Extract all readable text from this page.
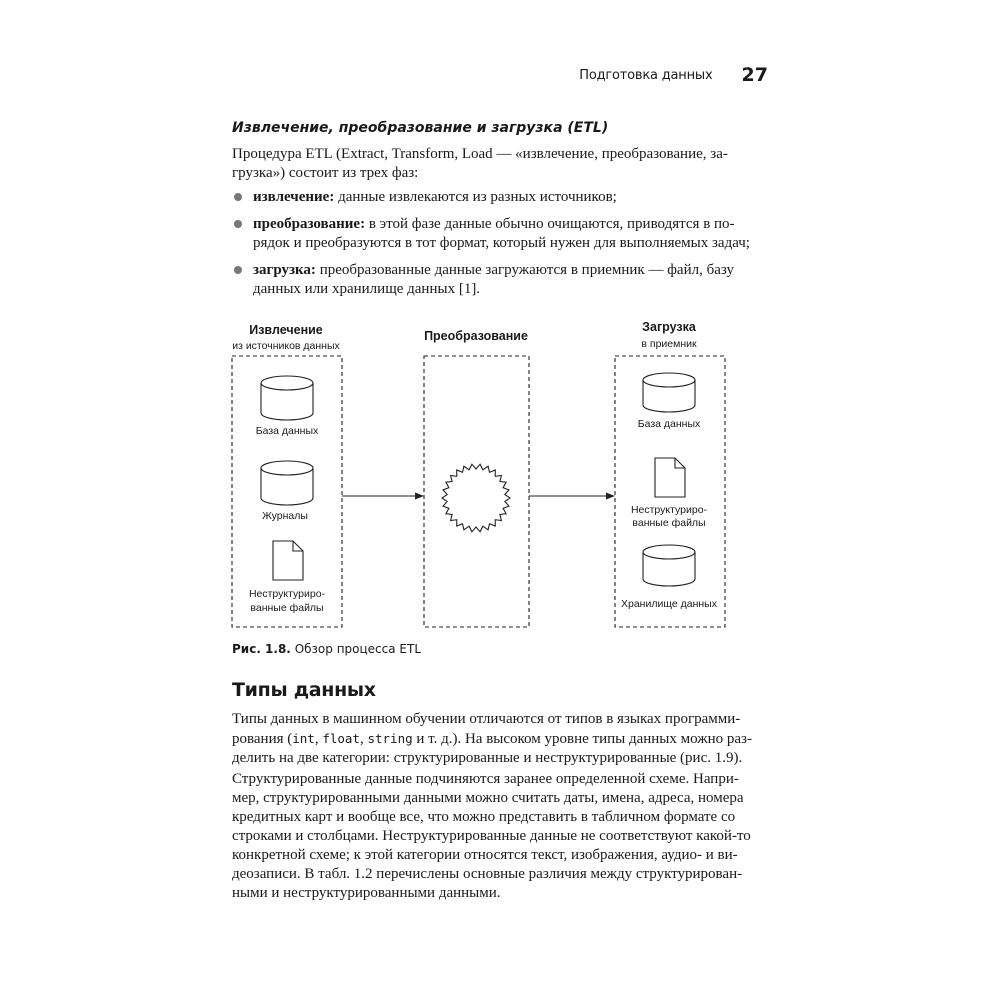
Подготовка данных 27
Извлечение, преобразование и загрузка (ETL)

Процедура ETL (Extract, Transform, Load — «извлечение, преобразование, за-
грузка») состоит из трех фаз:

извлечение: данные извлекаются из разных источников;
преобразование: в этой фазе данные обычно очищаются, приводятся в по-
рядок и преобразуются в тот формат, который нужен для выполняемых задач;
загрузка: преобразованные данные загружаются в приемник — файл, базу
данных или хранилище данных [1].
Извлечение
из источников данных
Преобразование
Загрузка
в приемник
База данных
Журналы
Неструктуриро-
ванные файлы
База данных
Неструктуриро-
ванные файлы
Хранилище данных
Рис. 1.8. Обзор процесса ETL
Типы данных

Типы данных в машинном обучении отличаются от типов в языках программи-
рования (int, float, string и т. д.). На высоком уровне типы данных можно раз-
делить на две категории: структурированные и неструктурированные (рис. 1.9).

Структурированные данные подчиняются заранее определенной схеме. Напри-
мер, структурированными данными можно считать даты, имена, адреса, номера
кредитных карт и вообще все, что можно представить в табличном формате со
строками и столбцами. Неструктурированные данные не соответствуют какой-то
конкретной схеме; к этой категории относятся текст, изображения, аудио- и ви-
деозаписи. В табл. 1.2 перечислены основные различия между структурирован-
ными и неструктурированными данными.
